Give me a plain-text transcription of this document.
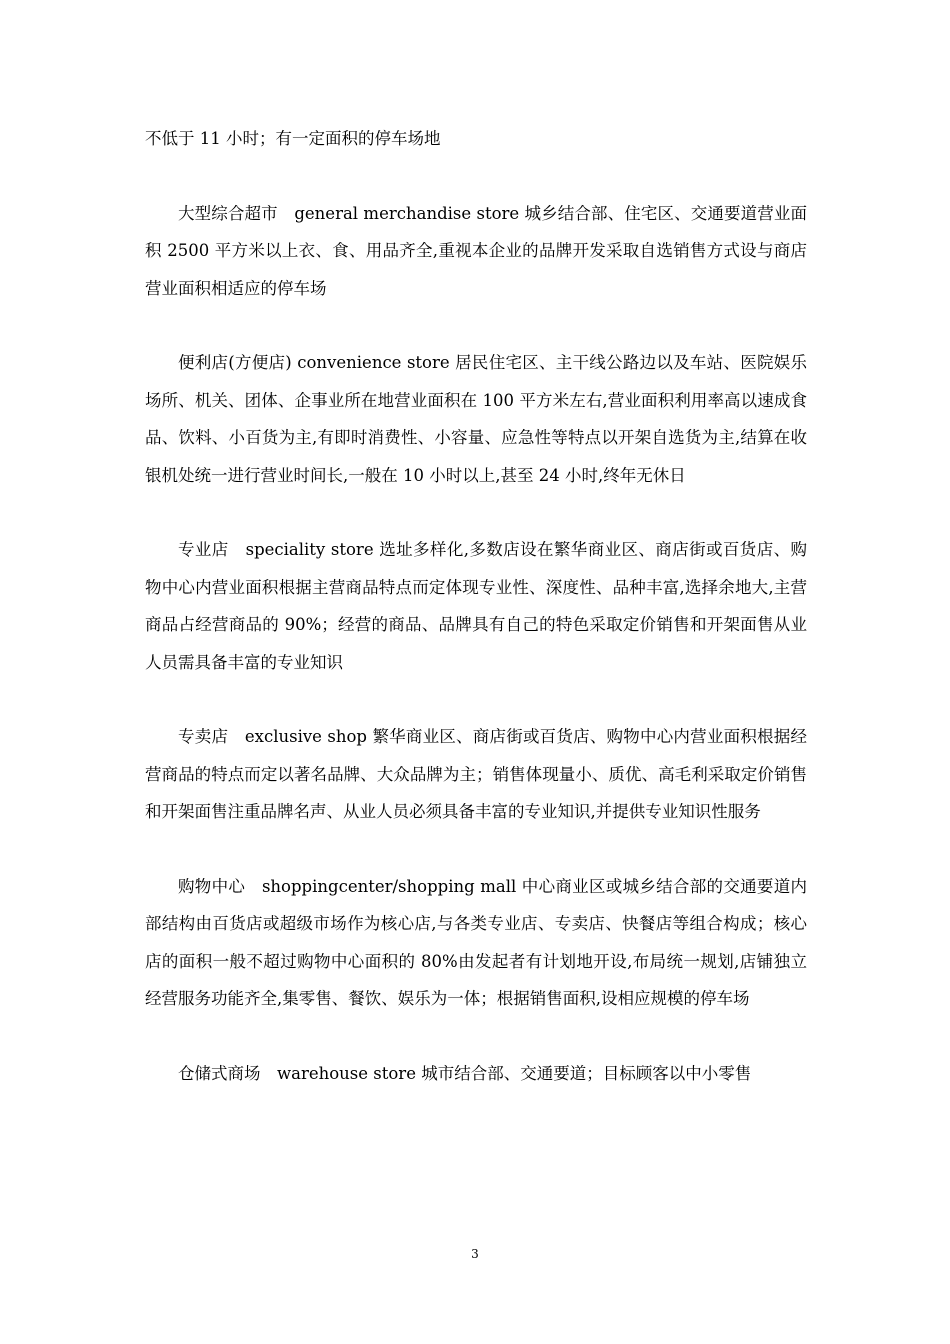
不低于 11 小时；有一定面积的停车场地

大型综合超市　general merchandise store 城乡结合部、住宅区、交通要道营业面积 2500 平方米以上衣、食、用品齐全,重视本企业的品牌开发采取自选销售方式设与商店营业面积相适应的停车场

便利店(方便店) convenience store 居民住宅区、主干线公路边以及车站、医院娱乐场所、机关、团体、企事业所在地营业面积在 100 平方米左右,营业面积利用率高以速成食品、饮料、小百货为主,有即时消费性、小容量、应急性等特点以开架自选货为主,结算在收银机处统一进行营业时间长,一般在 10 小时以上,甚至 24 小时,终年无休日

专业店　speciality store 选址多样化,多数店设在繁华商业区、商店街或百货店、购物中心内营业面积根据主营商品特点而定体现专业性、深度性、品种丰富,选择余地大,主营商品占经营商品的 90%；经营的商品、品牌具有自己的特色采取定价销售和开架面售从业人员需具备丰富的专业知识

专卖店　exclusive shop 繁华商业区、商店街或百货店、购物中心内营业面积根据经营商品的特点而定以著名品牌、大众品牌为主；销售体现量小、质优、高毛利采取定价销售和开架面售注重品牌名声、从业人员必须具备丰富的专业知识,并提供专业知识性服务

购物中心　shoppingcenter/shopping mall 中心商业区或城乡结合部的交通要道内部结构由百货店或超级市场作为核心店,与各类专业店、专卖店、快餐店等组合构成；核心店的面积一般不超过购物中心面积的 80%由发起者有计划地开设,布局统一规划,店铺独立经营服务功能齐全,集零售、餐饮、娱乐为一体；根据销售面积,设相应规模的停车场

仓储式商场　warehouse store 城市结合部、交通要道；目标顾客以中小零售

3
